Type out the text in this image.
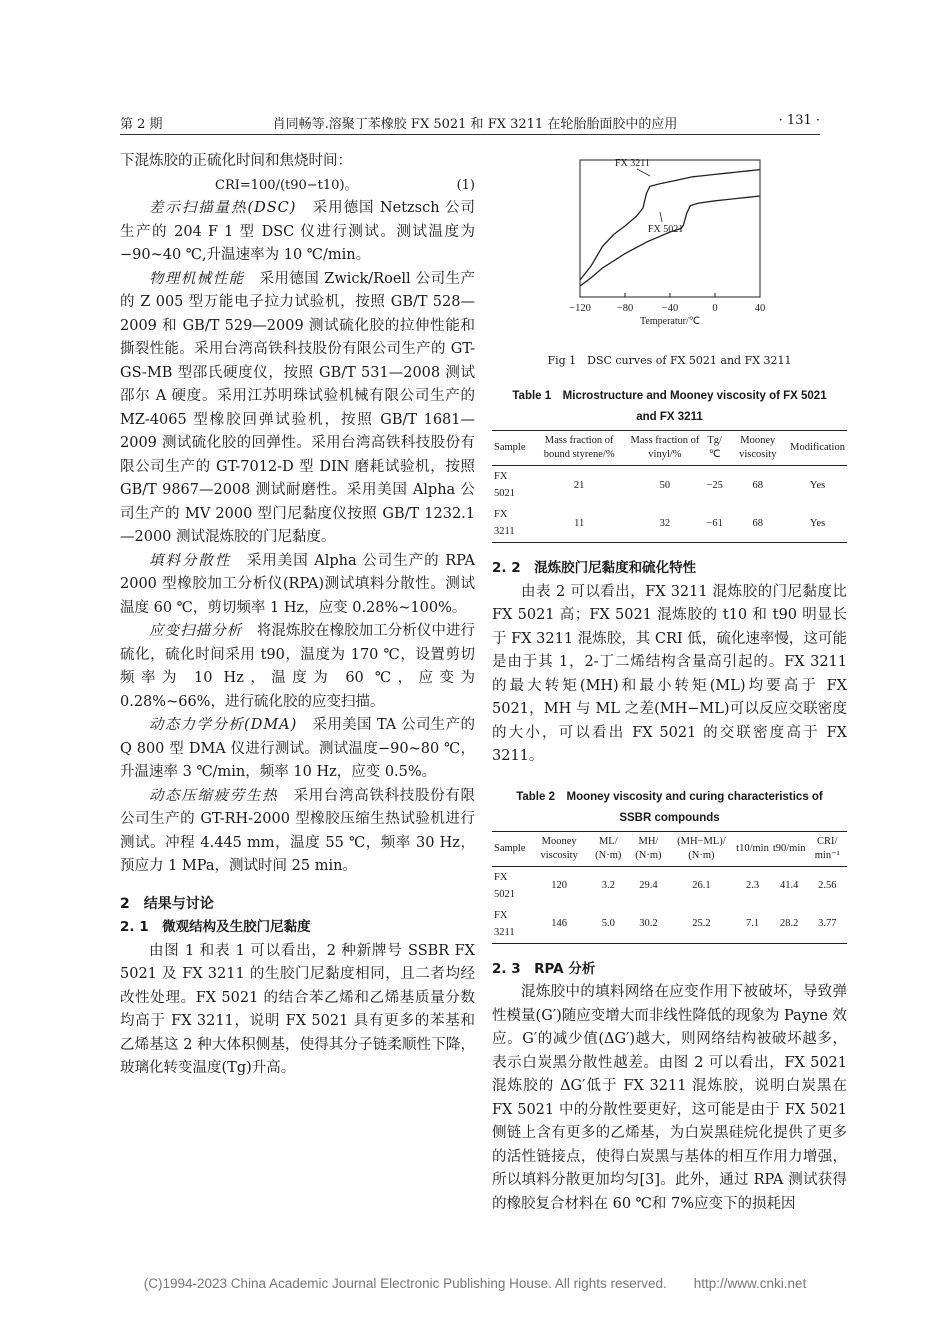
第 2 期	肖同畅等.溶聚丁苯橡胶 FX 5021 和 FX 3211 在轮胎胎面胶中的应用	· 131 ·

下混炼胶的正硫化时间和焦烧时间：

CRI=100/(t90−t10)。	(1)

差示扫描量热(DSC)　采用德国 Netzsch 公司生产的 204 F 1 型 DSC 仪进行测试。测试温度为−90~40 ℃,升温速率为 10 ℃/min。

物理机械性能　采用德国 Zwick/Roell 公司生产的 Z 005 型万能电子拉力试验机，按照 GB/T 528—2009 和 GB/T 529—2009 测试硫化胶的拉伸性能和撕裂性能。采用台湾高铁科技股份有限公司生产的 GT-GS-MB 型邵氏硬度仪，按照 GB/T 531—2008 测试邵尔 A 硬度。采用江苏明珠试验机械有限公司生产的 MZ-4065 型橡胶回弹试验机，按照 GB/T 1681—2009 测试硫化胶的回弹性。采用台湾高铁科技股份有限公司生产的 GT-7012-D 型 DIN 磨耗试验机，按照 GB/T 9867—2008 测试耐磨性。采用美国 Alpha 公司生产的 MV 2000 型门尼黏度仪按照 GB/T 1232.1—2000 测试混炼胶的门尼黏度。

填料分散性　采用美国 Alpha 公司生产的 RPA 2000 型橡胶加工分析仪(RPA)测试填料分散性。测试温度 60 ℃，剪切频率 1 Hz，应变 0.28%~100%。

应变扫描分析　将混炼胶在橡胶加工分析仪中进行硫化，硫化时间采用 t90，温度为 170 ℃，设置剪切频率为 10 Hz，温度为 60 ℃，应变为 0.28%~66%，进行硫化胶的应变扫描。

动态力学分析(DMA)　采用美国 TA 公司生产的 Q 800 型 DMA 仪进行测试。测试温度−90~80 ℃，升温速率 3 ℃/min，频率 10 Hz，应变 0.5%。

动态压缩疲劳生热　采用台湾高铁科技股份有限公司生产的 GT-RH-2000 型橡胶压缩生热试验机进行测试。冲程 4.445 mm，温度 55 ℃，频率 30 Hz，预应力 1 MPa，测试时间 25 min。

2　结果与讨论
2. 1　微观结构及生胶门尼黏度

由图 1 和表 1 可以看出，2 种新牌号 SSBR FX 5021 及 FX 3211 的生胶门尼黏度相同，且二者均经改性处理。FX 5021 的结合苯乙烯和乙烯基质量分数均高于 FX 3211，说明 FX 5021 具有更多的苯基和乙烯基这 2 种大体积侧基，使得其分子链柔顺性下降，玻璃化转变温度(Tg)升高。

−120 −80	−40	0	40
Temperatur/℃
FX 3211
FX 5021

Fig 1　DSC curves of FX 5021 and FX 3211

Table 1　Microstructure and Mooney viscosity of FX 5021 and FX 3211

Sample	Mass fraction of bound styrene/%	Mass fraction of vinyl/%	Tg/℃	Mooney viscosity	Modification
FX 5021	21	50	−25	68	Yes
FX 3211	11	32	−61	68	Yes
2. 2　混炼胶门尼黏度和硫化特性

由表 2 可以看出，FX 3211 混炼胶的门尼黏度比 FX 5021 高；FX 5021 混炼胶的 t10 和 t90 明显长于 FX 3211 混炼胶，其 CRI 低，硫化速率慢，这可能是由于其 1，2-丁二烯结构含量高引起的。FX 3211 的最大转矩(MH)和最小转矩(ML)均要高于 FX 5021，MH 与 ML 之差(MH−ML)可以反应交联密度的大小，可以看出 FX 5021 的交联密度高于 FX 3211。

Table 2　Mooney viscosity and curing characteristics of SSBR compounds

Sample	Mooney viscosity	ML/ (N·m)	MH/ (N·m)	(MH−ML)/ (N·m)	t10/min	t90/min	CRI/ min⁻¹
FX 5021	120	3.2	29.4	26.1	2.3	41.4	2.56
FX 3211	146	5.0	30.2	25.2	7.1	28.2	3.77
2. 3　RPA 分析

混炼胶中的填料网络在应变作用下被破坏，导致弹性模量(G′)随应变增大而非线性降低的现象为 Payne 效应。G′的减少值(ΔG′)越大，则网络结构被破坏越多，表示白炭黑分散性越差。由图 2 可以看出，FX 5021 混炼胶的 ΔG′低于 FX 3211 混炼胶，说明白炭黑在 FX 5021 中的分散性要更好，这可能是由于 FX 5021 侧链上含有更多的乙烯基，为白炭黑硅烷化提供了更多的活性链接点，使得白炭黑与基体的相互作用力增强，所以填料分散更加均匀[3]。此外，通过 RPA 测试获得的橡胶复合材料在 60 ℃和 7%应变下的损耗因

(C)1994-2023 China Academic Journal Electronic Publishing House. All rights reserved.　　http://www.cnki.net
